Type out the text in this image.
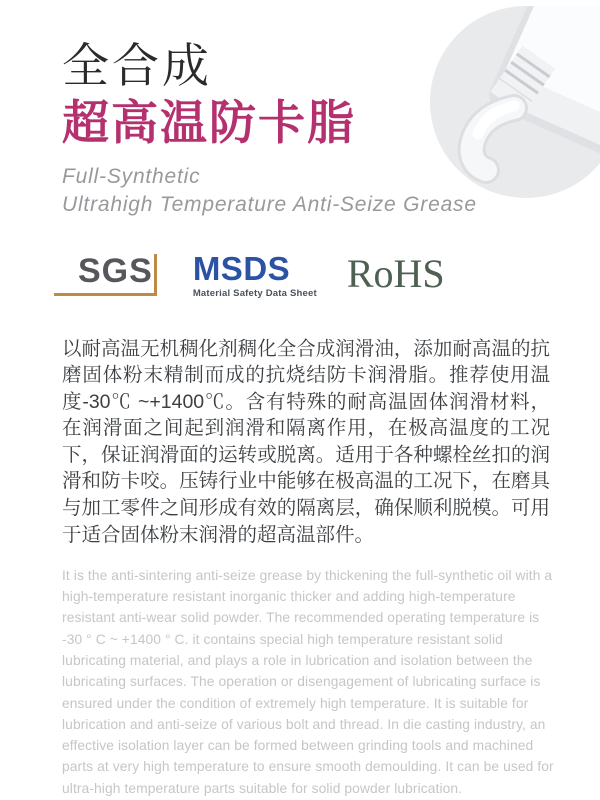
全合成
超高温防卡脂
Full-Synthetic
Ultrahigh Temperature Anti-Seize Grease
SGS	MSDS
Material Safety Data Sheet RoHS

以耐高温无机稠化剂稠化全合成润滑油，添加耐高温的抗磨固体粉末精制而成的抗烧结防卡润滑脂。推荐使用温度-30℃ ~+1400℃。含有特殊的耐高温固体润滑材料，在润滑面之间起到润滑和隔离作用，在极高温度的工况下，保证润滑面的运转或脱离。适用于各种螺栓丝扣的润滑和防卡咬。压铸行业中能够在极高温的工况下，在磨具与加工零件之间形成有效的隔离层，确保顺利脱模。可用于适合固体粉末润滑的超高温部件。

It is the anti-sintering anti-seize grease by thickening the full-synthetic oil with a high-temperature resistant inorganic thicker and adding high-temperature resistant anti-wear solid powder. The recommended operating temperature is -30 ° C ~ +1400 ° C. it contains special high temperature resistant solid lubricating material, and plays a role in lubrication and isolation between the lubricating surfaces. The operation or disengagement of lubricating surface is ensured under the condition of extremely high temperature. It is suitable for lubrication and anti-seize of various bolt and thread. In die casting industry, an effective isolation layer can be formed between grinding tools and machined parts at very high temperature to ensure smooth demoulding. It can be used for ultra-high temperature parts suitable for solid powder lubrication.
